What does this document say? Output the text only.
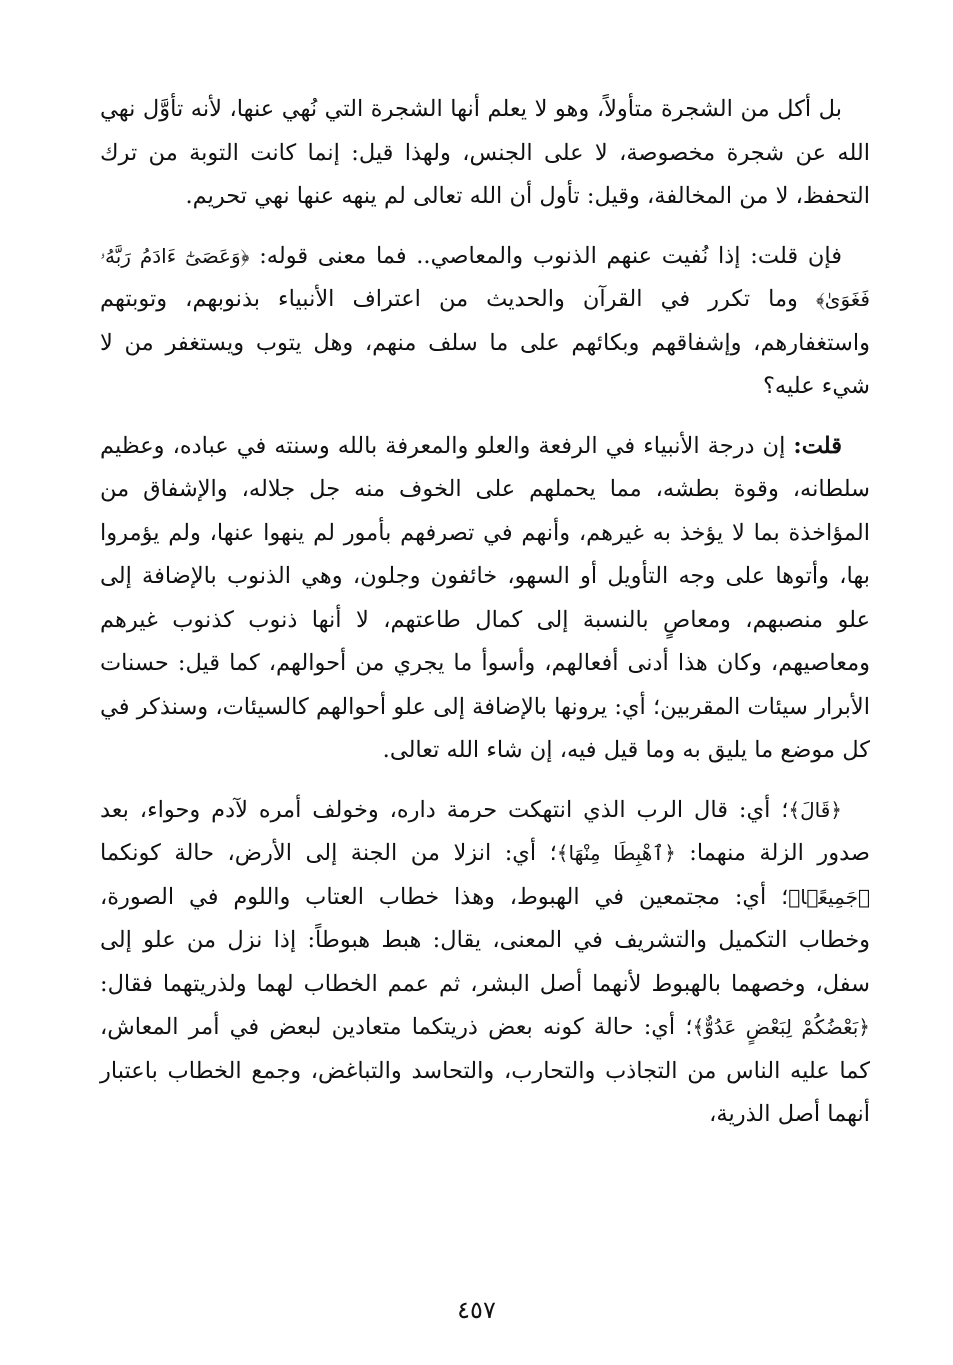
بل أكل من الشجرة متأولاً، وهو لا يعلم أنها الشجرة التي نُهي عنها، لأنه تأوَّل نهي الله عن شجرة مخصوصة، لا على الجنس، ولهذا قيل: إنما كانت التوبة من ترك التحفظ، لا من المخالفة، وقيل: تأول أن الله تعالى لم ينهه عنها نهي تحريم.

فإن قلت: إذا نُفيت عنهم الذنوب والمعاصي.. فما معنى قوله: ﴿وَعَصَىٰٓ ءَادَمُ رَبَّهُۥ فَغَوَىٰ﴾ وما تكرر في القرآن والحديث من اعتراف الأنبياء بذنوبهم، وتوبتهم واستغفارهم، وإشفاقهم وبكائهم على ما سلف منهم، وهل يتوب ويستغفر من لا شيء عليه؟

قلت: إن درجة الأنبياء في الرفعة والعلو والمعرفة بالله وسنته في عباده، وعظيم سلطانه، وقوة بطشه، مما يحملهم على الخوف منه جل جلاله، والإشفاق من المؤاخذة بما لا يؤخذ به غيرهم، وأنهم في تصرفهم بأمور لم ينهوا عنها، ولم يؤمروا بها، وأتوها على وجه التأويل أو السهو، خائفون وجلون، وهي الذنوب بالإضافة إلى علو منصبهم، ومعاصٍ بالنسبة إلى كمال طاعتهم، لا أنها ذنوب كذنوب غيرهم ومعاصيهم، وكان هذا أدنى أفعالهم، وأسوأ ما يجري من أحوالهم، كما قيل: حسنات الأبرار سيئات المقربين؛ أي: يرونها بالإضافة إلى علو أحوالهم كالسيئات، وسنذكر في كل موضع ما يليق به وما قيل فيه، إن شاء الله تعالى.

﴿قَالَ﴾؛ أي: قال الرب الذي انتهكت حرمة داره، وخولف أمره لآدم وحواء، بعد صدور الزلة منهما: ﴿ٱهْبِطَا مِنْهَا﴾؛ أي: انزلا من الجنة إلى الأرض، حالة كونكما ﴿جَمِيعًۢا﴾؛ أي: مجتمعين في الهبوط، وهذا خطاب العتاب واللوم في الصورة، وخطاب التكميل والتشريف في المعنى، يقال: هبط هبوطاً: إذا نزل من علو إلى سفل، وخصهما بالهبوط لأنهما أصل البشر، ثم عمم الخطاب لهما ولذريتهما فقال: ﴿بَعْضُكُمْ لِبَعْضٍ عَدُوٌّ﴾؛ أي: حالة كونه بعض ذريتكما متعادين لبعض في أمر المعاش، كما عليه الناس من التجاذب والتحارب، والتحاسد والتباغض، وجمع الخطاب باعتبار أنهما أصل الذرية،

٤٥٧
